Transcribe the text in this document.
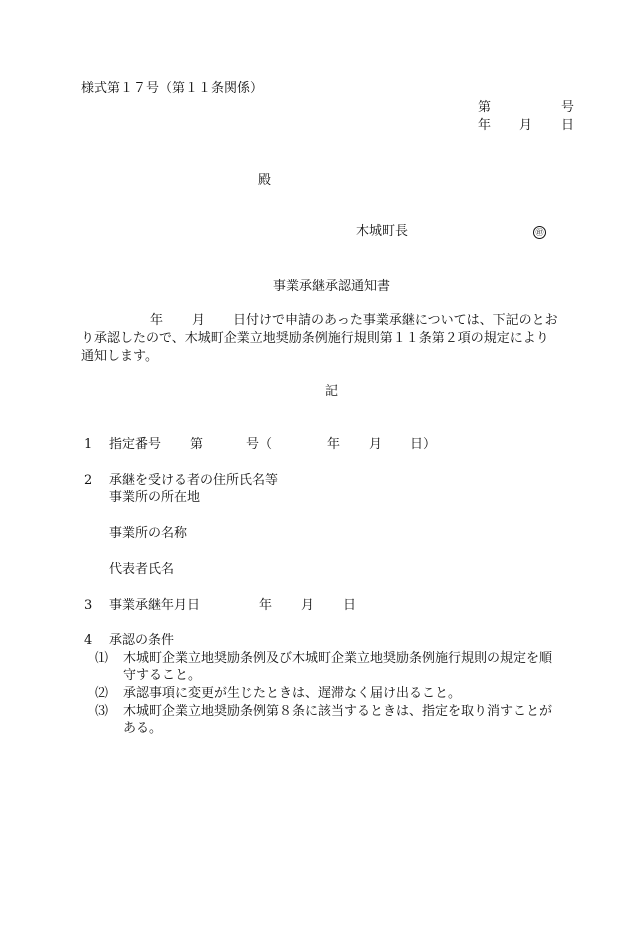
様式第１７号（第１１条関係）
第	号
年 月 日
殿
木城町長	㊞
事業承継承認通知書
年 月 日付けで申請のあった事業承継については、下記のとお
り承認したので、木城町企業立地奨励条例施行規則第１１条第２項の規定により
通知します。
記
1 指定番号 第	号（	年 月 日）
2 承継を受ける者の住所氏名等
事業所の所在地
事業所の名称
代表者氏名
3 事業承継年月日	年 月 日
4 承認の条件
⑴ 木城町企業立地奨励条例及び木城町企業立地奨励条例施行規則の規定を順
守すること。
⑵ 承認事項に変更が生じたときは、遅滞なく届け出ること。
⑶ 木城町企業立地奨励条例第８条に該当するときは、指定を取り消すことが
ある。
